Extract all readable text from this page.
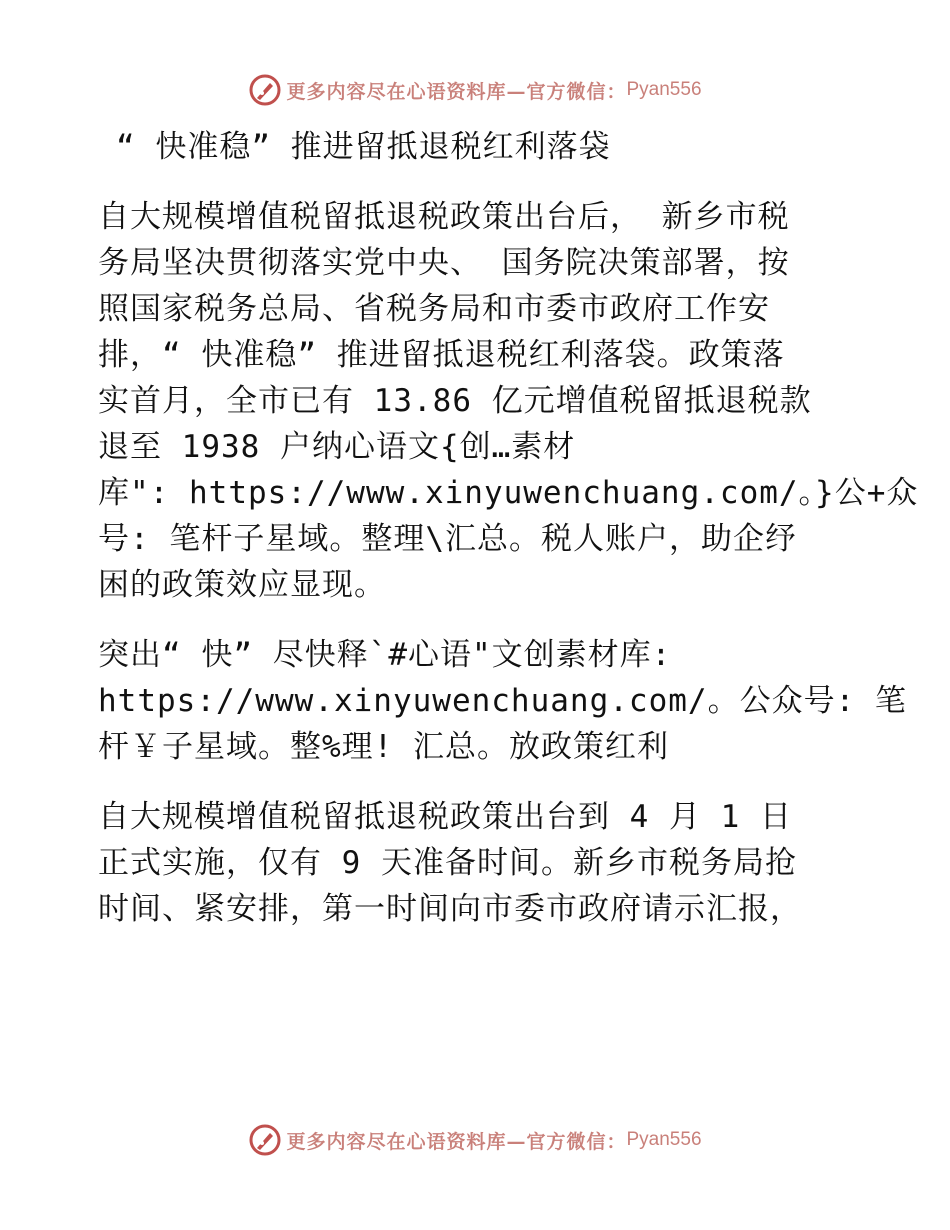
更多内容尽在心语资料库—官方微信： Pyan556
“ 快准稳” 推进留抵退税红利落袋
自大规模增值税留抵退税政策出台后， 新乡市税
务局坚决贯彻落实党中央、 国务院决策部署，按
照国家税务总局、省税务局和市委市政府工作安
排，“ 快准稳” 推进留抵退税红利落袋。政策落
实首月，全市已有 13.86 亿元增值税留抵退税款
退至 1938 户纳心语文{创…素材
库": https://www.xinyuwenchuang.com/。}公+众
号: 笔杆子星域。整理\汇总。税人账户，助企纾
困的政策效应显现。
突出“ 快” 尽快释`#心语"文创素材库:
https://www.xinyuwenchuang.com/。公众号: 笔
杆￥子星域。整%理! 汇总。放政策红利
自大规模增值税留抵退税政策出台到 4 月 1 日
正式实施，仅有 9 天准备时间。新乡市税务局抢
时间、紧安排，第一时间向市委市政府请示汇报，
更多内容尽在心语资料库—官方微信： Pyan556
